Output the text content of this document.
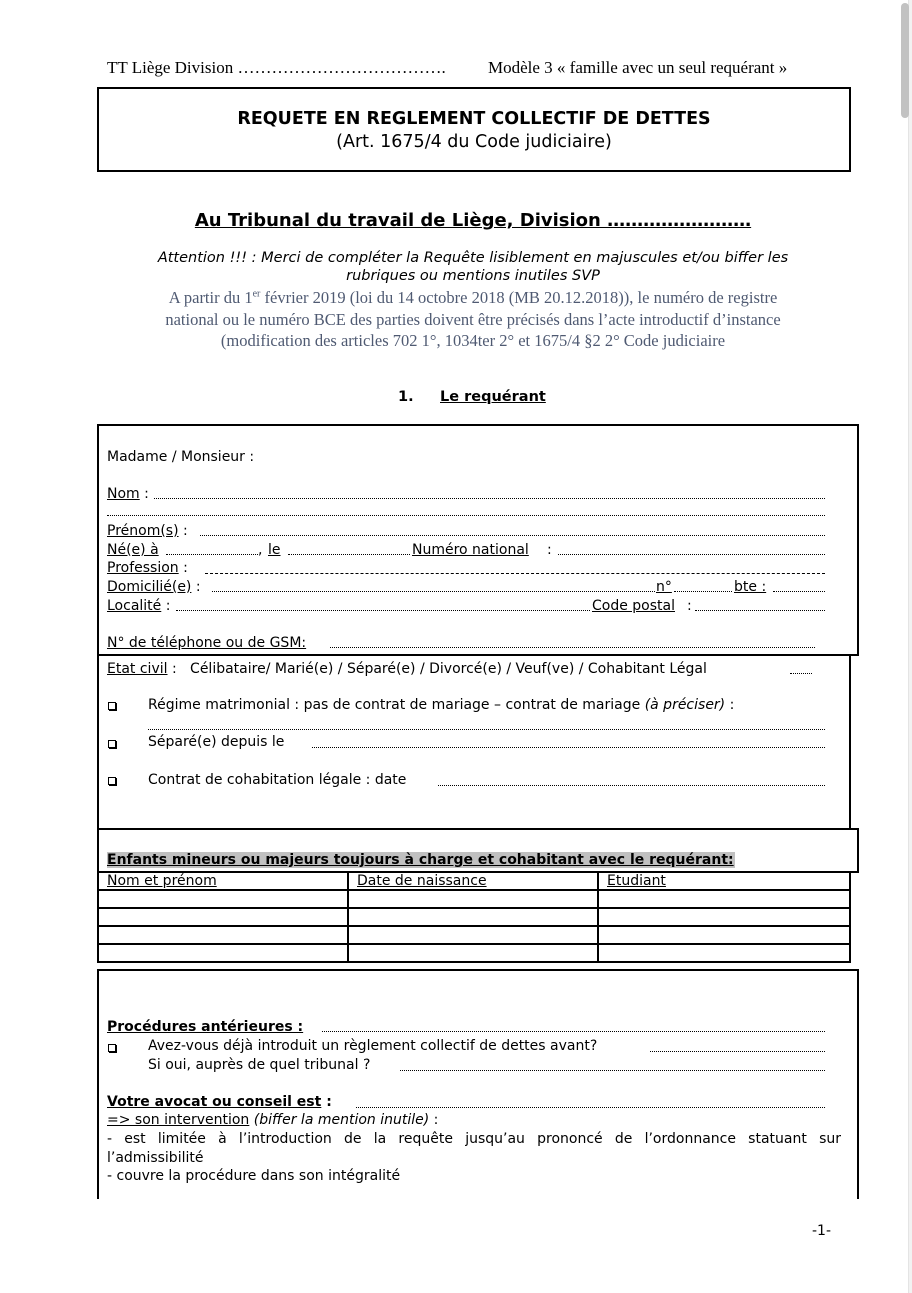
TT Liège Division ………………………………. Modèle 3 « famille avec un seul requérant »
REQUETE EN REGLEMENT COLLECTIF DE DETTES
(Art. 1675/4 du Code judiciaire)
Au Tribunal du travail de Liège, Division ……………………
Attention !!! : Merci de compléter la Requête lisiblement en majuscules et/ou biffer les
rubriques ou mentions inutiles SVP
A partir du 1er février 2019 (loi du 14 octobre 2018 (MB 20.12.2018)), le numéro de registre
national ou le numéro BCE des parties doivent être précisés dans l’acte introductif d’instance
(modification des articles 702 1°, 1034ter 2° et 1675/4 §2 2° Code judiciaire
1. Le requérant
Madame / Monsieur :
Nom :
Prénom(s) :
Né(e) à	, le	Numéro national :
Profession :
Domicilié(e) :	n°	bte :
Localité :	Code postal :
N° de téléphone ou de GSM:
Etat civil : Célibataire/ Marié(e) / Séparé(e) / Divorcé(e) / Veuf(ve) / Cohabitant Légal
Régime matrimonial : pas de contrat de mariage – contrat de mariage (à préciser) :
Séparé(e) depuis le
Contrat de cohabitation légale : date
Enfants mineurs ou majeurs toujours à charge et cohabitant avec le requérant:
Nom et prénom	Date de naissance	Etudiant

Procédures antérieures :
Avez-vous déjà introduit un règlement collectif de dettes avant?
Si oui, auprès de quel tribunal ?
Votre avocat ou conseil est :
=> son intervention (biffer la mention inutile) :
- est limitée à l’introduction de la requête jusqu’au prononcé de l’ordonnance statuant sur
l’admissibilité
- couvre la procédure dans son intégralité
-1-
